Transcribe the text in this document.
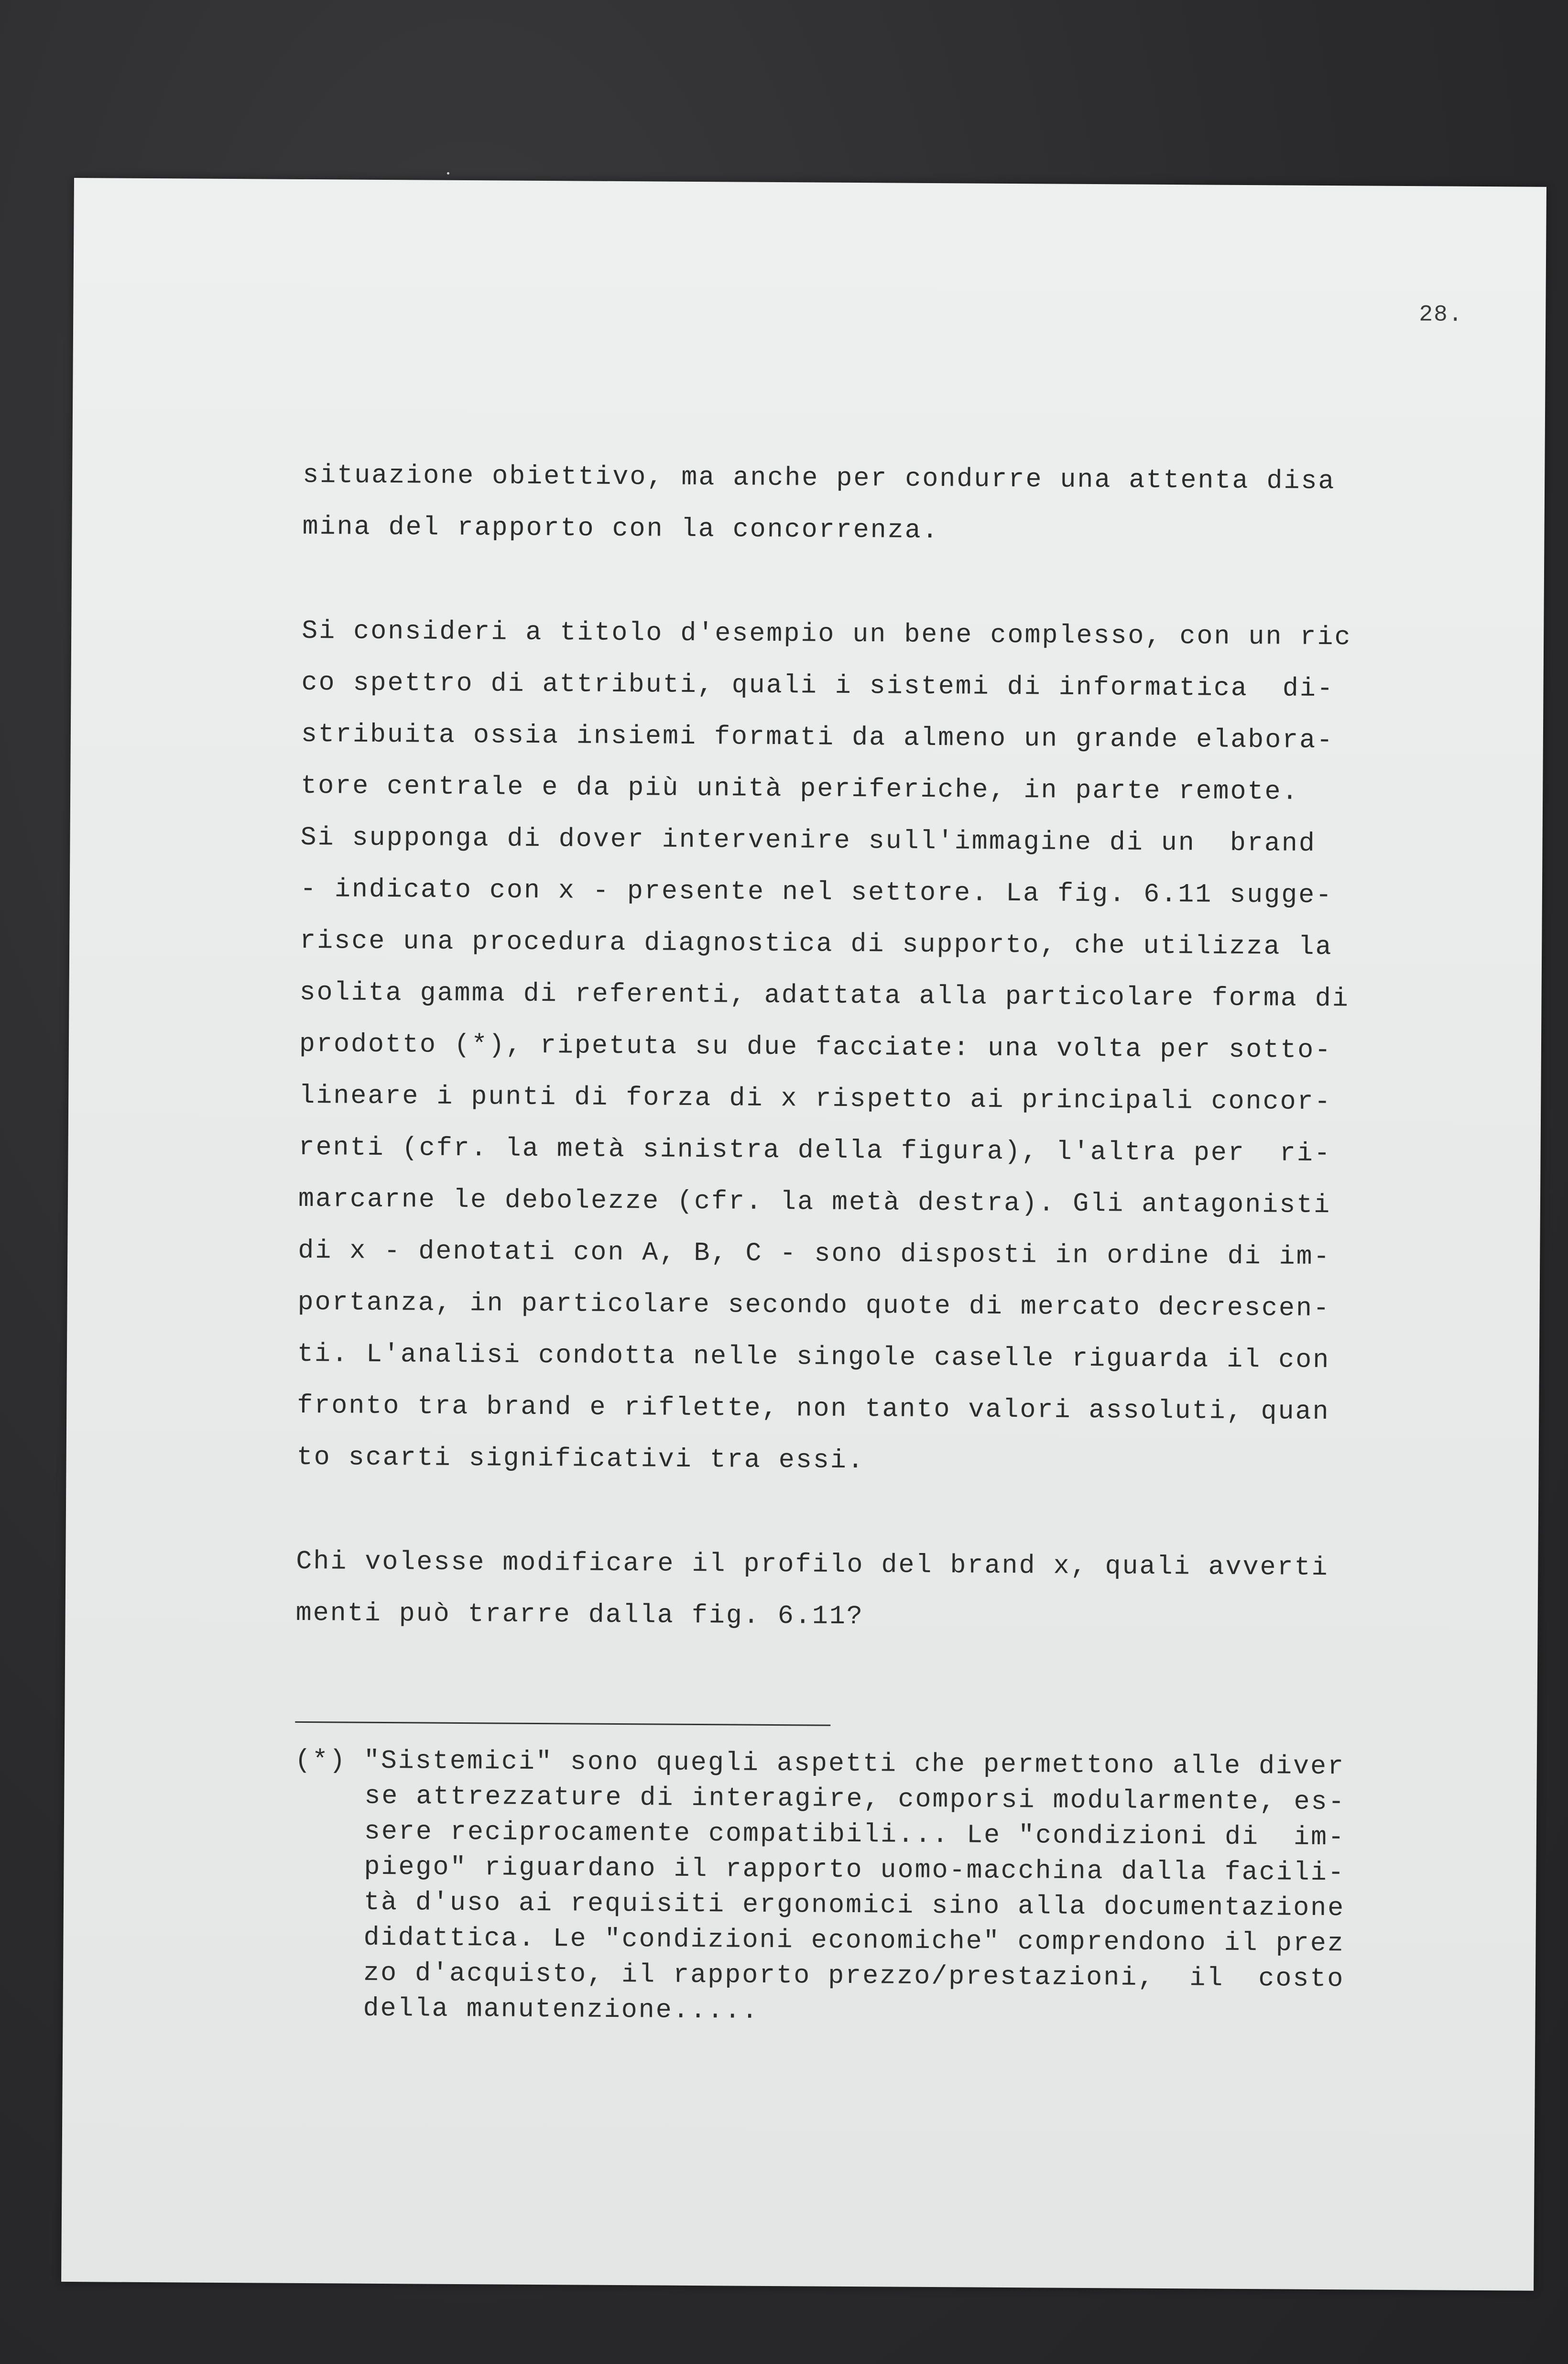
28.
situazione obiettivo, ma anche per condurre una attenta disa
mina del rapporto con la concorrenza.
Si consideri a titolo d'esempio un bene complesso, con un ric
co spettro di attributi, quali i sistemi di informatica  di-
stribuita ossia insiemi formati da almeno un grande elabora-
tore centrale e da più unità periferiche, in parte remote.
Si supponga di dover intervenire sull'immagine di un  brand
- indicato con x - presente nel settore. La fig. 6.11 sugge-
risce una procedura diagnostica di supporto, che utilizza la
solita gamma di referenti, adattata alla particolare forma di
prodotto (*), ripetuta su due facciate: una volta per sotto-
lineare i punti di forza di x rispetto ai principali concor-
renti (cfr. la metà sinistra della figura), l'altra per  ri-
marcarne le debolezze (cfr. la metà destra). Gli antagonisti
di x - denotati con A, B, C - sono disposti in ordine di im-
portanza, in particolare secondo quote di mercato decrescen-
ti. L'analisi condotta nelle singole caselle riguarda il con
fronto tra brand e riflette, non tanto valori assoluti, quan
to scarti significativi tra essi.
Chi volesse modificare il profilo del brand x, quali avverti
menti può trarre dalla fig. 6.11?
(*) "Sistemici" sono quegli aspetti che permettono alle diver
se attrezzature di interagire, comporsi modularmente, es-
sere reciprocamente compatibili... Le "condizioni di  im-
piego" riguardano il rapporto uomo-macchina dalla facili-
tà d'uso ai requisiti ergonomici sino alla documentazione
didattica. Le "condizioni economiche" comprendono il prez
zo d'acquisto, il rapporto prezzo/prestazioni,  il  costo
della manutenzione.....
